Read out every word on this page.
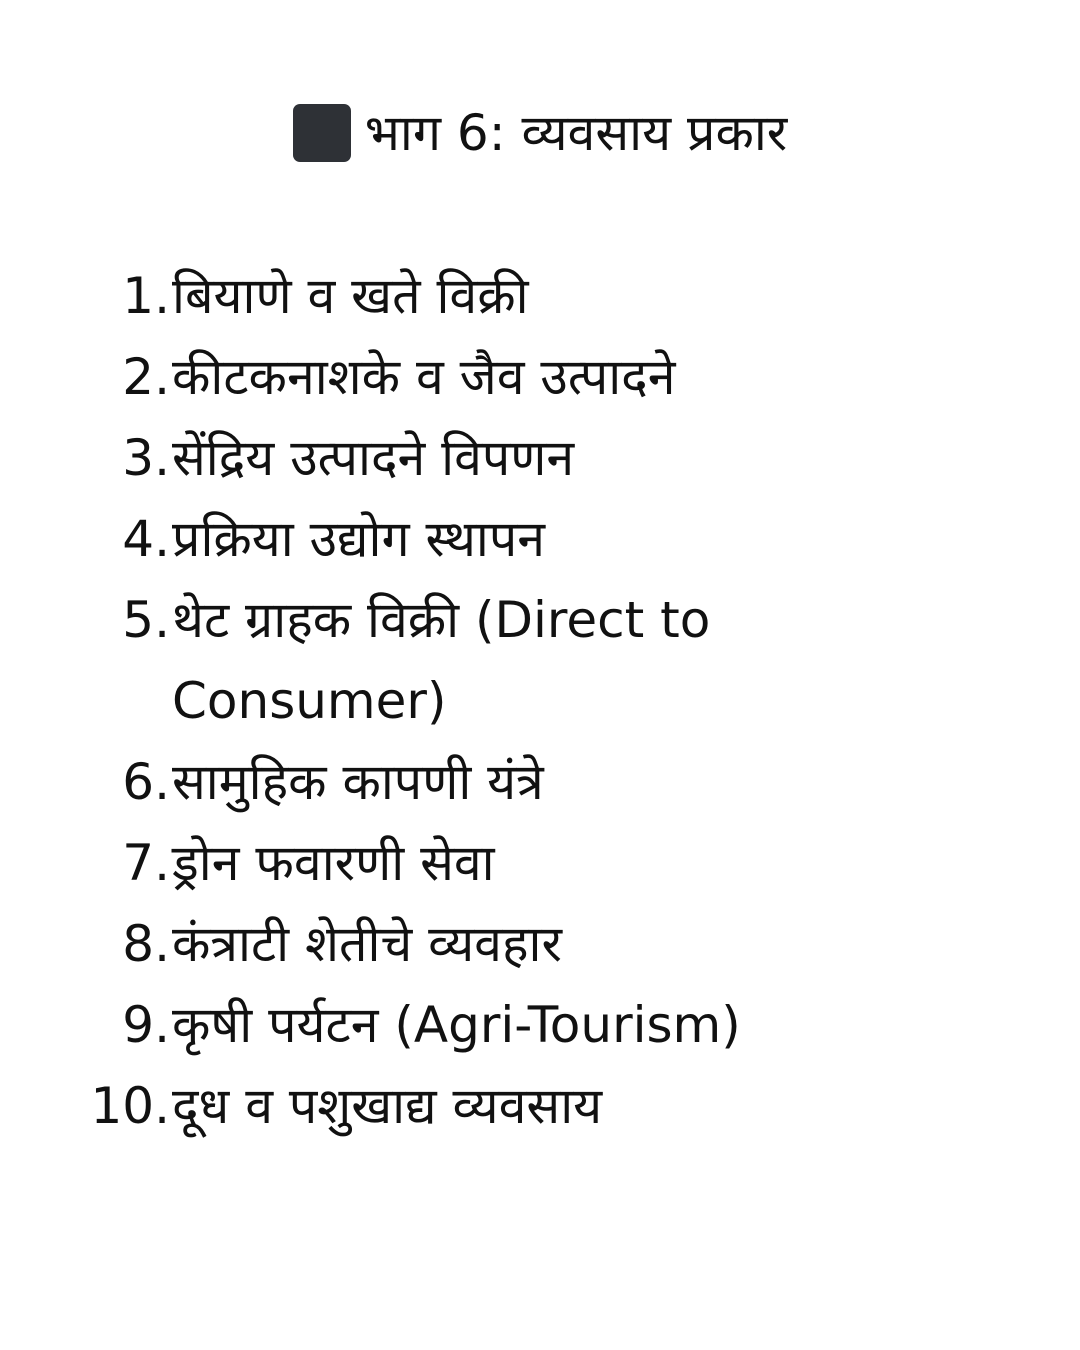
भाग 6: व्यवसाय प्रकार
1. बियाणे व खते विक्री
2. कीटकनाशके व जैव उत्पादने
3. सेंद्रिय उत्पादने विपणन
4. प्रक्रिया उद्योग स्थापन
5. थेट ग्राहक विक्री (Direct to Consumer)
6. सामुहिक कापणी यंत्रे
7. ड्रोन फवारणी सेवा
8. कंत्राटी शेतीचे व्यवहार
9. कृषी पर्यटन (Agri-Tourism)
10. दूध व पशुखाद्य व्यवसाय
